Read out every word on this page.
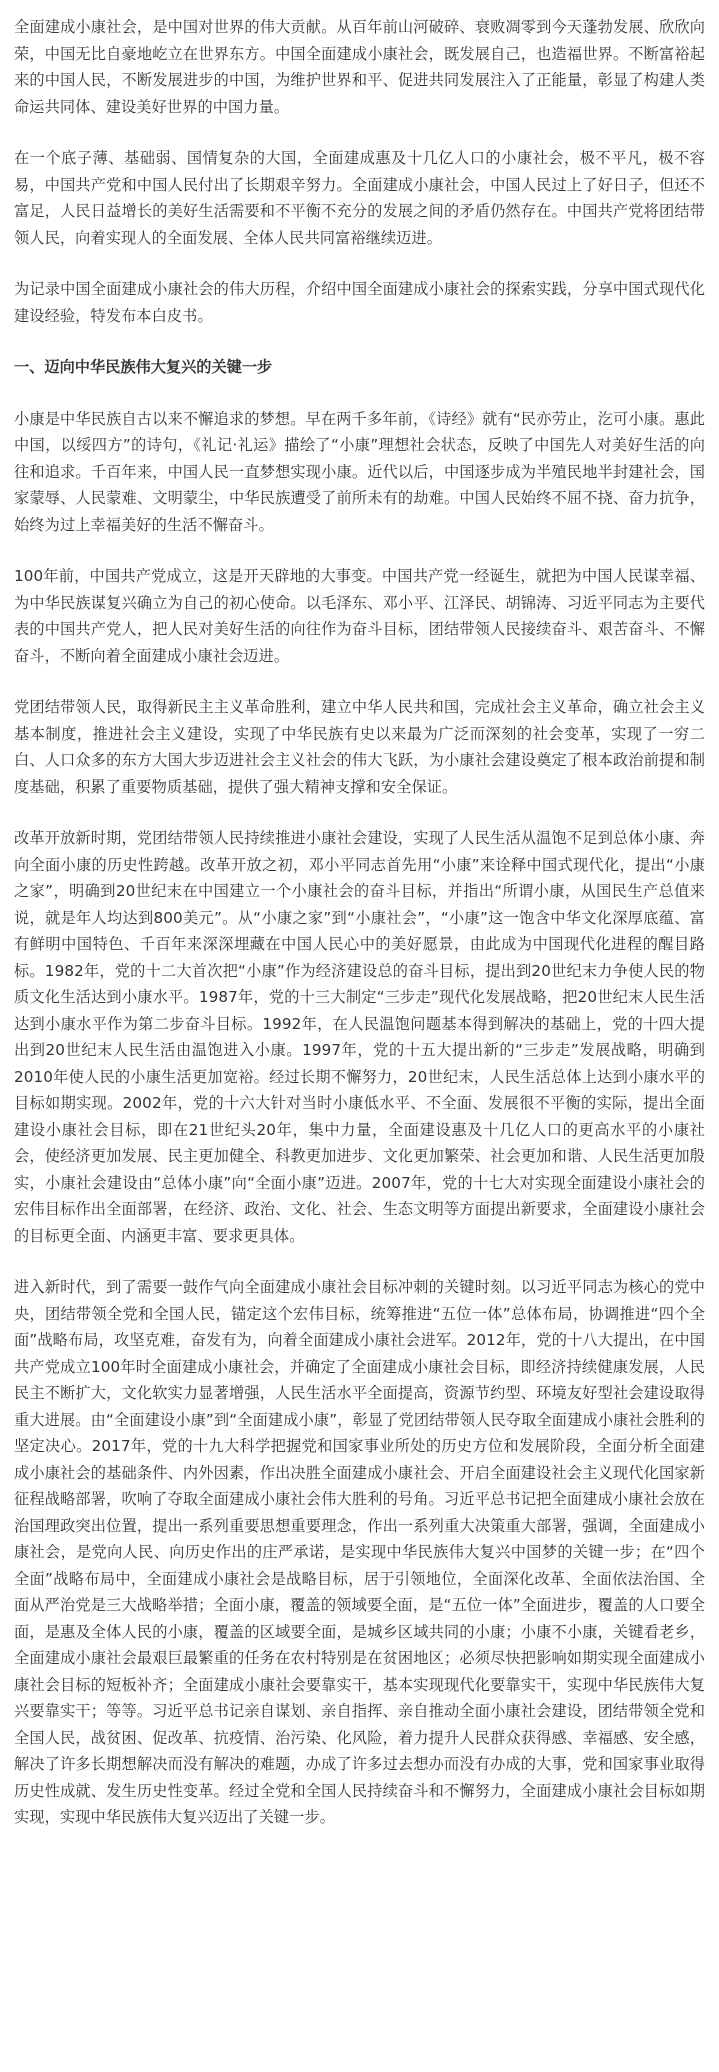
全面建成小康社会，是中国对世界的伟大贡献。从百年前山河破碎、衰败凋零到今天蓬勃发展、欣欣向荣，中国无比自豪地屹立在世界东方。中国全面建成小康社会，既发展自己，也造福世界。不断富裕起来的中国人民，不断发展进步的中国，为维护世界和平、促进共同发展注入了正能量，彰显了构建人类命运共同体、建设美好世界的中国力量。

在一个底子薄、基础弱、国情复杂的大国，全面建成惠及十几亿人口的小康社会，极不平凡，极不容易，中国共产党和中国人民付出了长期艰辛努力。全面建成小康社会，中国人民过上了好日子，但还不富足，人民日益增长的美好生活需要和不平衡不充分的发展之间的矛盾仍然存在。中国共产党将团结带领人民，向着实现人的全面发展、全体人民共同富裕继续迈进。

为记录中国全面建成小康社会的伟大历程，介绍中国全面建成小康社会的探索实践，分享中国式现代化建设经验，特发布本白皮书。

一、迈向中华民族伟大复兴的关键一步

小康是中华民族自古以来不懈追求的梦想。早在两千多年前，《诗经》就有“民亦劳止，汔可小康。惠此中国，以绥四方”的诗句，《礼记·礼运》描绘了“小康”理想社会状态，反映了中国先人对美好生活的向往和追求。千百年来，中国人民一直梦想实现小康。近代以后，中国逐步成为半殖民地半封建社会，国家蒙辱、人民蒙难、文明蒙尘，中华民族遭受了前所未有的劫难。中国人民始终不屈不挠、奋力抗争，始终为过上幸福美好的生活不懈奋斗。

100年前，中国共产党成立，这是开天辟地的大事变。中国共产党一经诞生，就把为中国人民谋幸福、为中华民族谋复兴确立为自己的初心使命。以毛泽东、邓小平、江泽民、胡锦涛、习近平同志为主要代表的中国共产党人，把人民对美好生活的向往作为奋斗目标，团结带领人民接续奋斗、艰苦奋斗、不懈奋斗，不断向着全面建成小康社会迈进。

党团结带领人民，取得新民主主义革命胜利，建立中华人民共和国，完成社会主义革命，确立社会主义基本制度，推进社会主义建设，实现了中华民族有史以来最为广泛而深刻的社会变革，实现了一穷二白、人口众多的东方大国大步迈进社会主义社会的伟大飞跃，为小康社会建设奠定了根本政治前提和制度基础，积累了重要物质基础，提供了强大精神支撑和安全保证。

改革开放新时期，党团结带领人民持续推进小康社会建设，实现了人民生活从温饱不足到总体小康、奔向全面小康的历史性跨越。改革开放之初，邓小平同志首先用“小康”来诠释中国式现代化，提出“小康之家”，明确到20世纪末在中国建立一个小康社会的奋斗目标，并指出“所谓小康，从国民生产总值来说，就是年人均达到800美元”。从“小康之家”到“小康社会”，“小康”这一饱含中华文化深厚底蕴、富有鲜明中国特色、千百年来深深埋藏在中国人民心中的美好愿景，由此成为中国现代化进程的醒目路标。1982年，党的十二大首次把“小康”作为经济建设总的奋斗目标，提出到20世纪末力争使人民的物质文化生活达到小康水平。1987年，党的十三大制定“三步走”现代化发展战略，把20世纪末人民生活达到小康水平作为第二步奋斗目标。1992年，在人民温饱问题基本得到解决的基础上，党的十四大提出到20世纪末人民生活由温饱进入小康。1997年，党的十五大提出新的“三步走”发展战略，明确到2010年使人民的小康生活更加宽裕。经过长期不懈努力，20世纪末，人民生活总体上达到小康水平的目标如期实现。2002年，党的十六大针对当时小康低水平、不全面、发展很不平衡的实际，提出全面建设小康社会目标，即在21世纪头20年，集中力量，全面建设惠及十几亿人口的更高水平的小康社会，使经济更加发展、民主更加健全、科教更加进步、文化更加繁荣、社会更加和谐、人民生活更加殷实，小康社会建设由“总体小康”向“全面小康”迈进。2007年，党的十七大对实现全面建设小康社会的宏伟目标作出全面部署，在经济、政治、文化、社会、生态文明等方面提出新要求，全面建设小康社会的目标更全面、内涵更丰富、要求更具体。

进入新时代，到了需要一鼓作气向全面建成小康社会目标冲刺的关键时刻。以习近平同志为核心的党中央，团结带领全党和全国人民，锚定这个宏伟目标，统筹推进“五位一体”总体布局，协调推进“四个全面”战略布局，攻坚克难，奋发有为，向着全面建成小康社会进军。2012年，党的十八大提出，在中国共产党成立100年时全面建成小康社会，并确定了全面建成小康社会目标，即经济持续健康发展，人民民主不断扩大，文化软实力显著增强，人民生活水平全面提高，资源节约型、环境友好型社会建设取得重大进展。由“全面建设小康”到“全面建成小康”，彰显了党团结带领人民夺取全面建成小康社会胜利的坚定决心。2017年，党的十九大科学把握党和国家事业所处的历史方位和发展阶段，全面分析全面建成小康社会的基础条件、内外因素，作出决胜全面建成小康社会、开启全面建设社会主义现代化国家新征程战略部署，吹响了夺取全面建成小康社会伟大胜利的号角。习近平总书记把全面建成小康社会放在治国理政突出位置，提出一系列重要思想重要理念，作出一系列重大决策重大部署，强调，全面建成小康社会，是党向人民、向历史作出的庄严承诺，是实现中华民族伟大复兴中国梦的关键一步；在“四个全面”战略布局中，全面建成小康社会是战略目标，居于引领地位，全面深化改革、全面依法治国、全面从严治党是三大战略举措；全面小康，覆盖的领域要全面，是“五位一体”全面进步，覆盖的人口要全面，是惠及全体人民的小康，覆盖的区域要全面，是城乡区域共同的小康；小康不小康，关键看老乡，全面建成小康社会最艰巨最繁重的任务在农村特别是在贫困地区；必须尽快把影响如期实现全面建成小康社会目标的短板补齐；全面建成小康社会要靠实干，基本实现现代化要靠实干，实现中华民族伟大复兴要靠实干；等等。习近平总书记亲自谋划、亲自指挥、亲自推动全面小康社会建设，团结带领全党和全国人民，战贫困、促改革、抗疫情、治污染、化风险，着力提升人民群众获得感、幸福感、安全感，解决了许多长期想解决而没有解决的难题，办成了许多过去想办而没有办成的大事，党和国家事业取得历史性成就、发生历史性变革。经过全党和全国人民持续奋斗和不懈努力，全面建成小康社会目标如期实现，实现中华民族伟大复兴迈出了关键一步。
